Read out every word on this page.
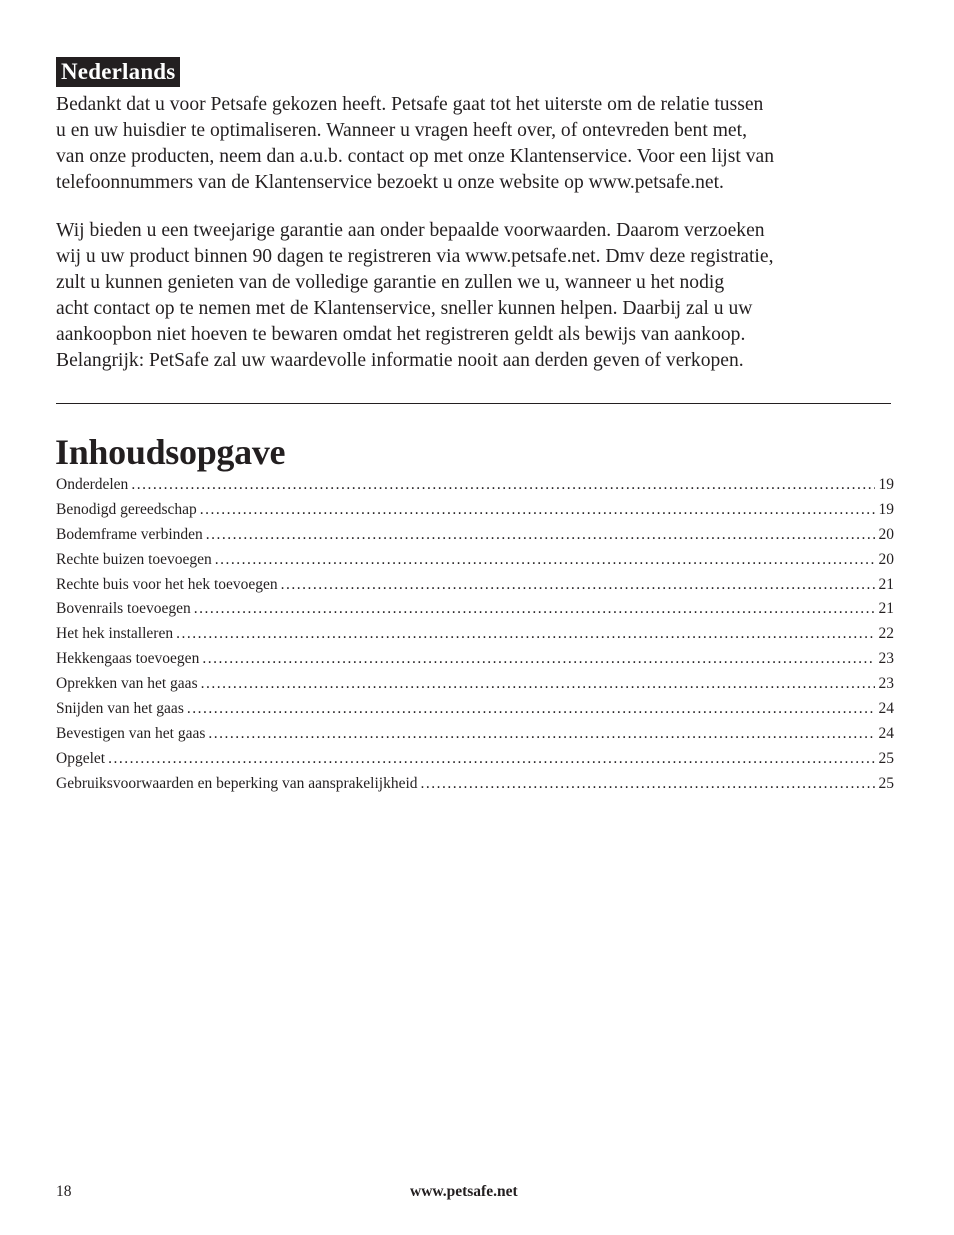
Nederlands

Bedankt dat u voor Petsafe gekozen heeft. Petsafe gaat tot het uiterste om de relatie tussen
u en uw huisdier te optimaliseren. Wanneer u vragen heeft over, of ontevreden bent met,
van onze producten, neem dan a.u.b. contact op met onze Klantenservice. Voor een lijst van
telefoonnummers van de Klantenservice bezoekt u onze website op www.petsafe.net.

Wij bieden u een tweejarige garantie aan onder bepaalde voorwaarden. Daarom verzoeken
wij u uw product binnen 90 dagen te registreren via www.petsafe.net. Dmv deze registratie,
zult u kunnen genieten van de volledige garantie en zullen we u, wanneer u het nodig
acht contact op te nemen met de Klantenservice, sneller kunnen helpen. Daarbij zal u uw
aankoopbon niet hoeven te bewaren omdat het registreren geldt als bewijs van aankoop.
Belangrijk: PetSafe zal uw waardevolle informatie nooit aan derden geven of verkopen.

Inhoudsopgave
Onderdelen .....	19
Benodigd gereedschap .....	19
Bodemframe verbinden .....	20
Rechte buizen toevoegen .....	20
Rechte buis voor het hek toevoegen .....	21
Bovenrails toevoegen .....	21
Het hek installeren .....	22
Hekkengaas toevoegen .....	23
Oprekken van het gaas .....	23
Snijden van het gaas .....	24
Bevestigen van het gaas .....	24
Opgelet .....	25
Gebruiksvoorwaarden en beperking van aansprakelijkheid .....	25
18	www.petsafe.net
